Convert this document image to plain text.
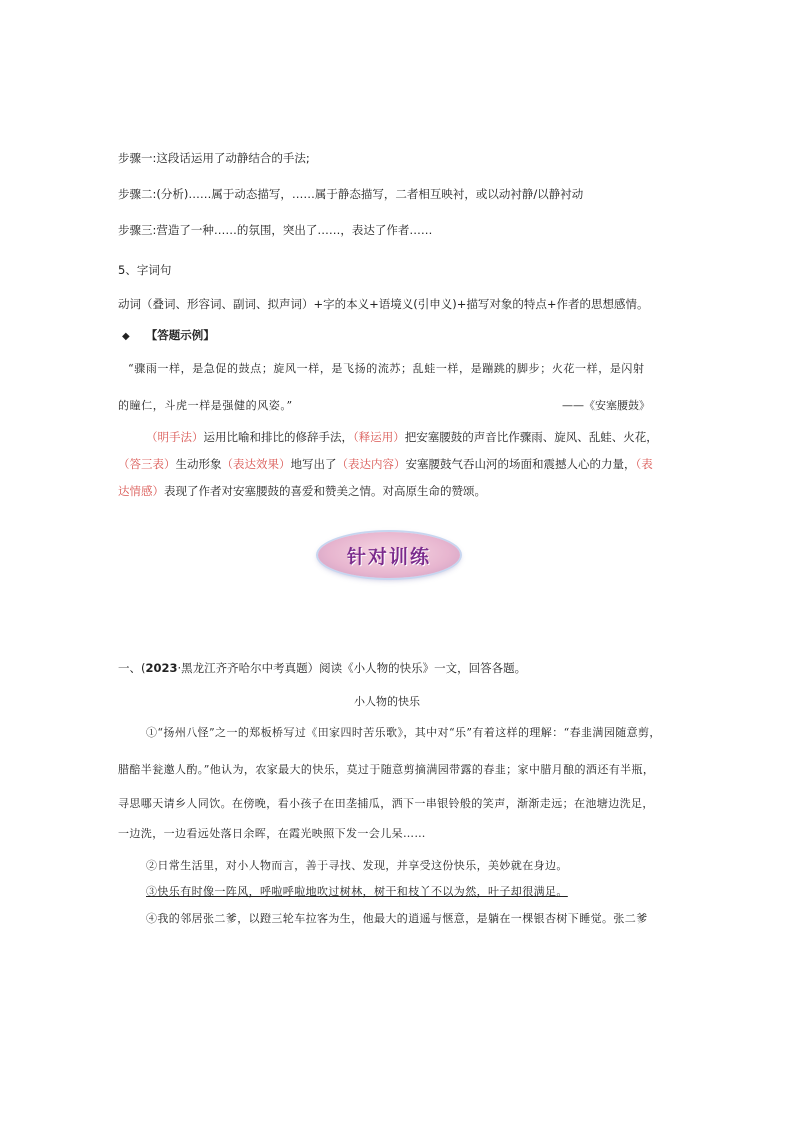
步骤一:这段话运用了动静结合的手法;
步骤二:(分析)……属于动态描写，……属于静态描写，二者相互映衬，或以动衬静/以静衬动
步骤三:营造了一种……的氛围，突出了……，表达了作者……
5、字词句
动词（叠词、形容词、副词、拟声词）+字的本义+语境义(引申义)+描写对象的特点+作者的思想感情。
◆ 【答题示例】
“骤雨一样，是急促的鼓点；旋风一样，是飞扬的流苏；乱蛙一样，是蹦跳的脚步；火花一样，是闪射
的瞳仁，斗虎一样是强健的风姿。”	——《安塞腰鼓》
（明手法）运用比喻和排比的修辞手法，（释运用）把安塞腰鼓的声音比作骤雨、旋风、乱蛙、火花，
（答三表）生动形象（表达效果）地写出了（表达内容）安塞腰鼓气吞山河的场面和震撼人心的力量，（表
达情感）表现了作者对安塞腰鼓的喜爱和赞美之情。对高原生命的赞颂。
针对训练
一、(2023·黑龙江齐齐哈尔中考真题）阅读《小人物的快乐》一文，回答各题。
小人物的快乐
①“扬州八怪”之一的郑板桥写过《田家四时苦乐歌》，其中对“乐”有着这样的理解：“春韭满园随意剪，
腊醅半瓮邀人酌。”他认为，农家最大的快乐，莫过于随意剪摘满园带露的春韭；家中腊月酿的酒还有半瓶，
寻思哪天请乡人同饮。在傍晚，看小孩子在田垄捕瓜，洒下一串银铃般的笑声，渐渐走远；在池塘边洗足，
一边洗，一边看远处落日余晖，在霞光映照下发一会儿呆……
②日常生活里，对小人物而言，善于寻找、发现，并享受这份快乐，美妙就在身边。
③快乐有时像一阵风，呼啦呼啦地吹过树林，树干和枝丫不以为然，叶子却很满足。
④我的邻居张二爹，以蹬三轮车拉客为生，他最大的逍遥与惬意，是躺在一棵银杏树下睡觉。张二爹
